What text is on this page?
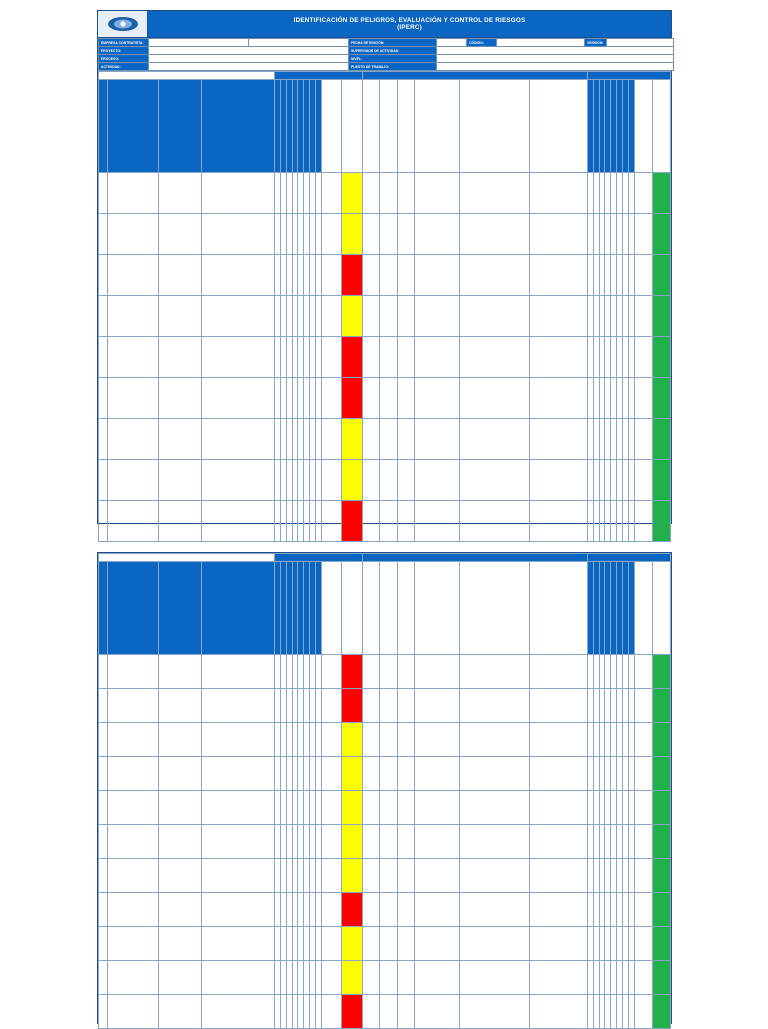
IDENTIFICACIÓN DE PELIGROS, EVALUACIÓN Y CONTROL DE RIESGOS
(IPERC)
EMPRESA CONTRATISTA:			FECHA DE EDICIÓN:		CÓDIGO:		VERSIÓN:	
PROYECTO:			SUPERVISOR DE ACTIVIDAD:					
PROCESO:			NIVEL:					
ACTIVIDAD:			PUESTO DE TRABAJO:					
